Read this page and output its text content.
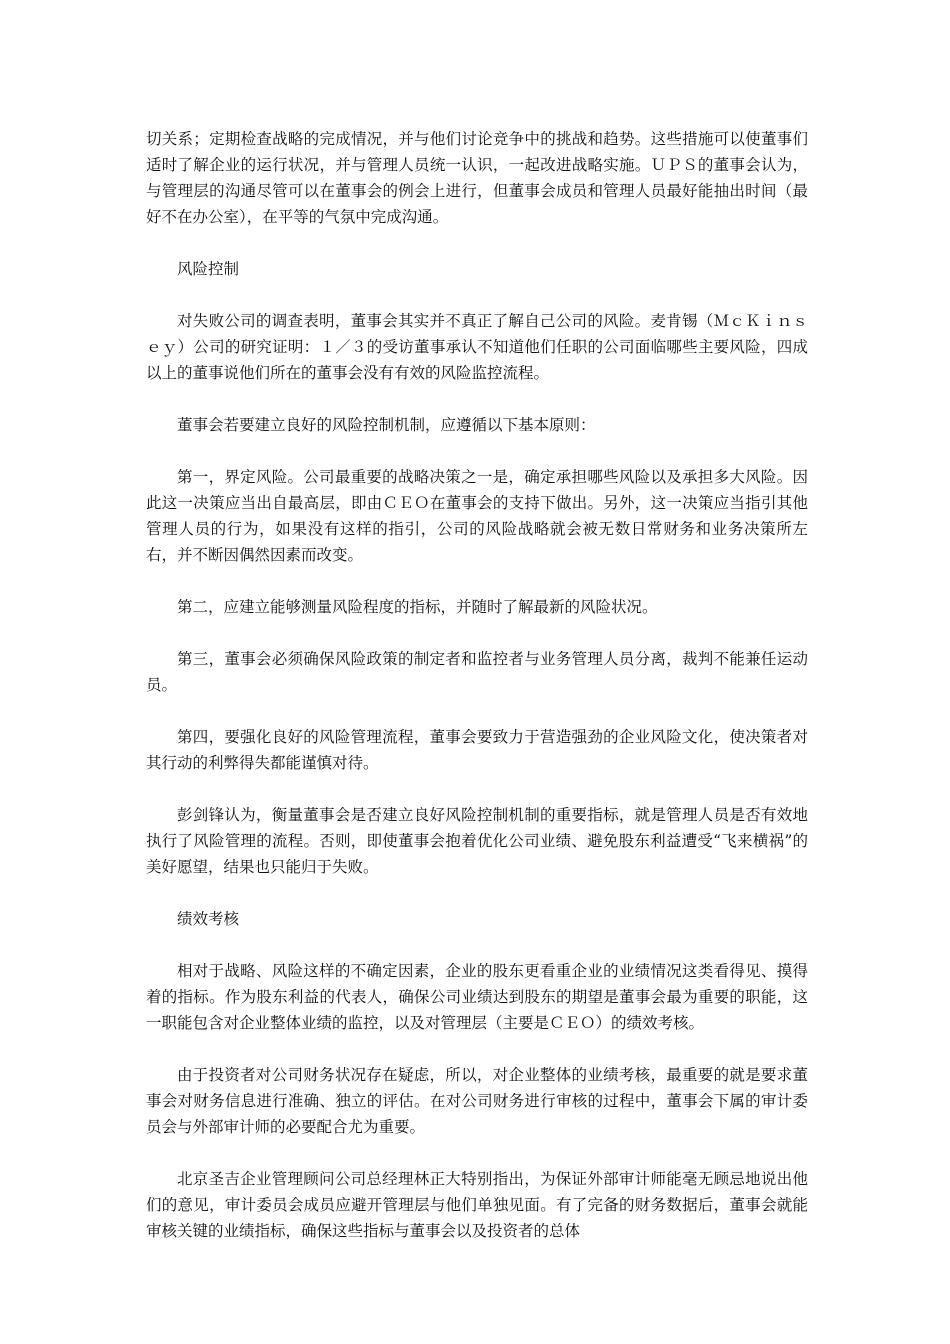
切关系；定期检查战略的完成情况，并与他们讨论竞争中的挑战和趋势。这些措施可以使董事们适时了解企业的运行状况，并与管理人员统一认识，一起改进战略实施。ＵＰＳ的董事会认为，与管理层的沟通尽管可以在董事会的例会上进行，但董事会成员和管理人员最好能抽出时间（最好不在办公室），在平等的气氛中完成沟通。

风险控制

对失败公司的调查表明，董事会其实并不真正了解自己公司的风险。麦肯锡（ＭｃＫｉｎｓｅｙ）公司的研究证明：１／３的受访董事承认不知道他们任职的公司面临哪些主要风险，四成以上的董事说他们所在的董事会没有有效的风险监控流程。

董事会若要建立良好的风险控制机制，应遵循以下基本原则：

第一，界定风险。公司最重要的战略决策之一是，确定承担哪些风险以及承担多大风险。因此这一决策应当出自最高层，即由ＣＥＯ在董事会的支持下做出。另外，这一决策应当指引其他管理人员的行为，如果没有这样的指引，公司的风险战略就会被无数日常财务和业务决策所左右，并不断因偶然因素而改变。

第二，应建立能够测量风险程度的指标，并随时了解最新的风险状况。

第三，董事会必须确保风险政策的制定者和监控者与业务管理人员分离，裁判不能兼任运动员。

第四，要强化良好的风险管理流程，董事会要致力于营造强劲的企业风险文化，使决策者对其行动的利弊得失都能谨慎对待。

彭剑锋认为，衡量董事会是否建立良好风险控制机制的重要指标，就是管理人员是否有效地执行了风险管理的流程。否则，即使董事会抱着优化公司业绩、避免股东利益遭受“飞来横祸”的美好愿望，结果也只能归于失败。

绩效考核

相对于战略、风险这样的不确定因素，企业的股东更看重企业的业绩情况这类看得见、摸得着的指标。作为股东利益的代表人，确保公司业绩达到股东的期望是董事会最为重要的职能，这一职能包含对企业整体业绩的监控，以及对管理层（主要是ＣＥＯ）的绩效考核。

由于投资者对公司财务状况存在疑虑，所以，对企业整体的业绩考核，最重要的就是要求董事会对财务信息进行准确、独立的评估。在对公司财务进行审核的过程中，董事会下属的审计委员会与外部审计师的必要配合尤为重要。

北京圣吉企业管理顾问公司总经理林正大特别指出，为保证外部审计师能毫无顾忌地说出他们的意见，审计委员会成员应避开管理层与他们单独见面。有了完备的财务数据后，董事会就能审核关键的业绩指标，确保这些指标与董事会以及投资者的总体
